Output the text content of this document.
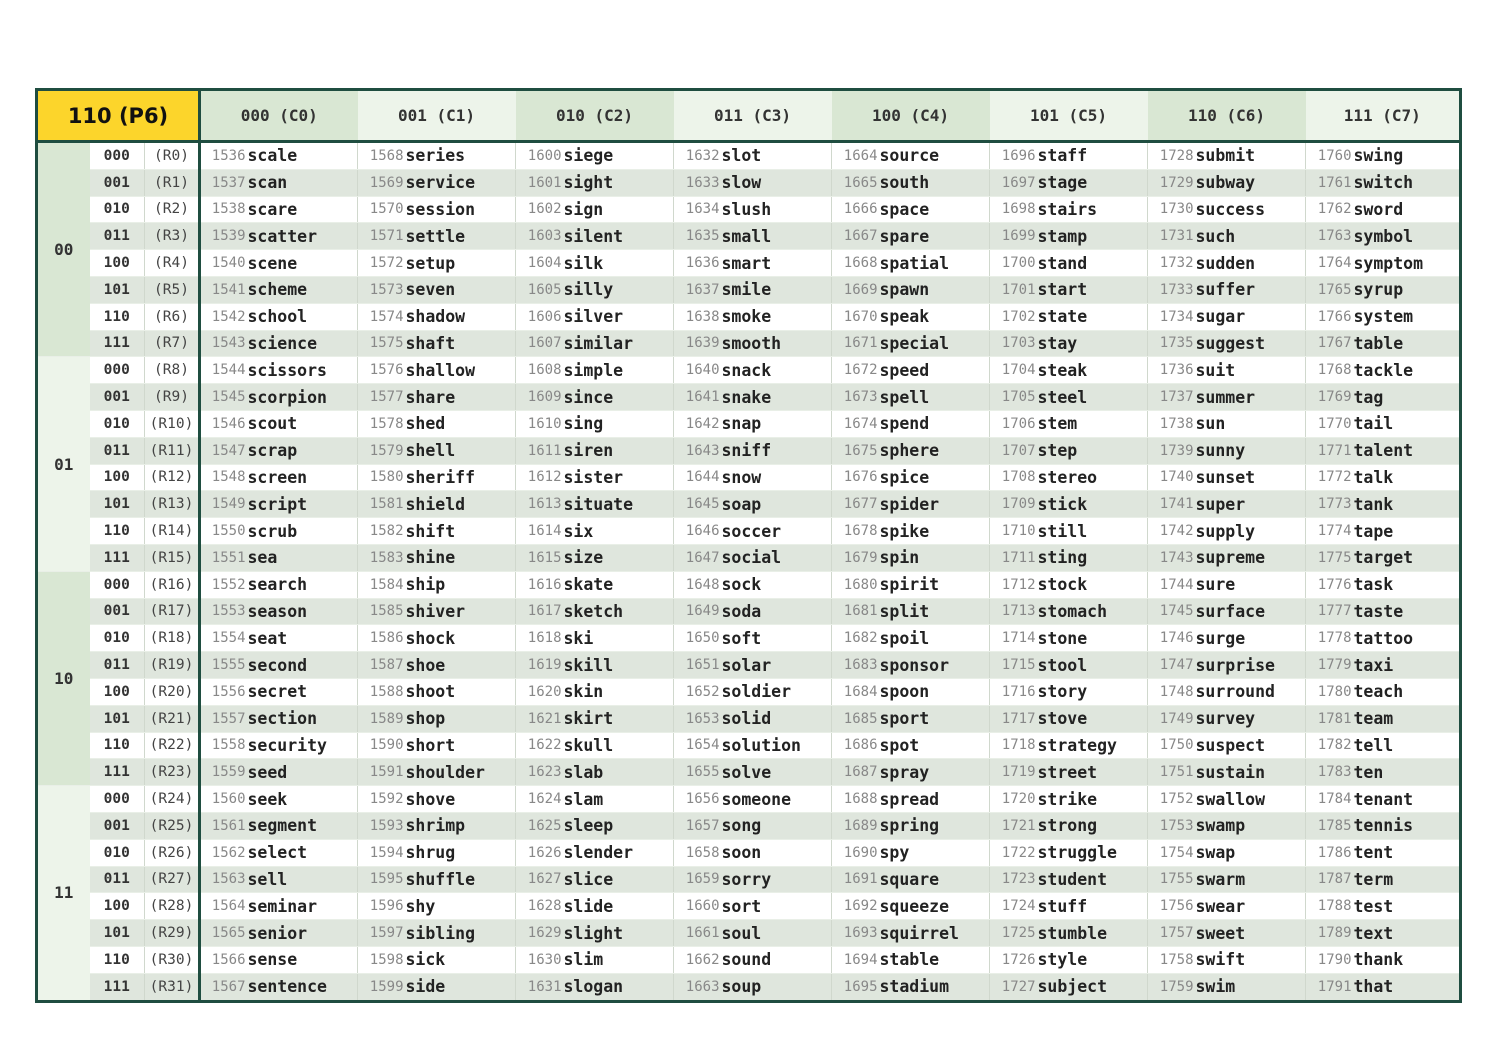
110 (P6)			000 (C0)		001 (C1)		010 (C2)		011 (C3)		100 (C4)		101 (C5)		110 (C6)		111 (C7)	
00	000	(R0)	1536	scale	1568	series	1600	siege	1632	slot	1664	source	1696	staff	1728	submit	1760	swing
	001	(R1)	1537	scan	1569	service	1601	sight	1633	slow	1665	south	1697	stage	1729	subway	1761	switch
	010	(R2)	1538	scare	1570	session	1602	sign	1634	slush	1666	space	1698	stairs	1730	success	1762	sword
	011	(R3)	1539	scatter	1571	settle	1603	silent	1635	small	1667	spare	1699	stamp	1731	such	1763	symbol
	100	(R4)	1540	scene	1572	setup	1604	silk	1636	smart	1668	spatial	1700	stand	1732	sudden	1764	symptom
	101	(R5)	1541	scheme	1573	seven	1605	silly	1637	smile	1669	spawn	1701	start	1733	suffer	1765	syrup
	110	(R6)	1542	school	1574	shadow	1606	silver	1638	smoke	1670	speak	1702	state	1734	sugar	1766	system
	111	(R7)	1543	science	1575	shaft	1607	similar	1639	smooth	1671	special	1703	stay	1735	suggest	1767	table
01	000	(R8)	1544	scissors	1576	shallow	1608	simple	1640	snack	1672	speed	1704	steak	1736	suit	1768	tackle
	001	(R9)	1545	scorpion	1577	share	1609	since	1641	snake	1673	spell	1705	steel	1737	summer	1769	tag
	010	(R10)	1546	scout	1578	shed	1610	sing	1642	snap	1674	spend	1706	stem	1738	sun	1770	tail
	011	(R11)	1547	scrap	1579	shell	1611	siren	1643	sniff	1675	sphere	1707	step	1739	sunny	1771	talent
	100	(R12)	1548	screen	1580	sheriff	1612	sister	1644	snow	1676	spice	1708	stereo	1740	sunset	1772	talk
	101	(R13)	1549	script	1581	shield	1613	situate	1645	soap	1677	spider	1709	stick	1741	super	1773	tank
	110	(R14)	1550	scrub	1582	shift	1614	six	1646	soccer	1678	spike	1710	still	1742	supply	1774	tape
	111	(R15)	1551	sea	1583	shine	1615	size	1647	social	1679	spin	1711	sting	1743	supreme	1775	target
10	000	(R16)	1552	search	1584	ship	1616	skate	1648	sock	1680	spirit	1712	stock	1744	sure	1776	task
	001	(R17)	1553	season	1585	shiver	1617	sketch	1649	soda	1681	split	1713	stomach	1745	surface	1777	taste
	010	(R18)	1554	seat	1586	shock	1618	ski	1650	soft	1682	spoil	1714	stone	1746	surge	1778	tattoo
	011	(R19)	1555	second	1587	shoe	1619	skill	1651	solar	1683	sponsor	1715	stool	1747	surprise	1779	taxi
	100	(R20)	1556	secret	1588	shoot	1620	skin	1652	soldier	1684	spoon	1716	story	1748	surround	1780	teach
	101	(R21)	1557	section	1589	shop	1621	skirt	1653	solid	1685	sport	1717	stove	1749	survey	1781	team
	110	(R22)	1558	security	1590	short	1622	skull	1654	solution	1686	spot	1718	strategy	1750	suspect	1782	tell
	111	(R23)	1559	seed	1591	shoulder	1623	slab	1655	solve	1687	spray	1719	street	1751	sustain	1783	ten
11	000	(R24)	1560	seek	1592	shove	1624	slam	1656	someone	1688	spread	1720	strike	1752	swallow	1784	tenant
	001	(R25)	1561	segment	1593	shrimp	1625	sleep	1657	song	1689	spring	1721	strong	1753	swamp	1785	tennis
	010	(R26)	1562	select	1594	shrug	1626	slender	1658	soon	1690	spy	1722	struggle	1754	swap	1786	tent
	011	(R27)	1563	sell	1595	shuffle	1627	slice	1659	sorry	1691	square	1723	student	1755	swarm	1787	term
	100	(R28)	1564	seminar	1596	shy	1628	slide	1660	sort	1692	squeeze	1724	stuff	1756	swear	1788	test
	101	(R29)	1565	senior	1597	sibling	1629	slight	1661	soul	1693	squirrel	1725	stumble	1757	sweet	1789	text
	110	(R30)	1566	sense	1598	sick	1630	slim	1662	sound	1694	stable	1726	style	1758	swift	1790	thank
	111	(R31)	1567	sentence	1599	side	1631	slogan	1663	soup	1695	stadium	1727	subject	1759	swim	1791	that
